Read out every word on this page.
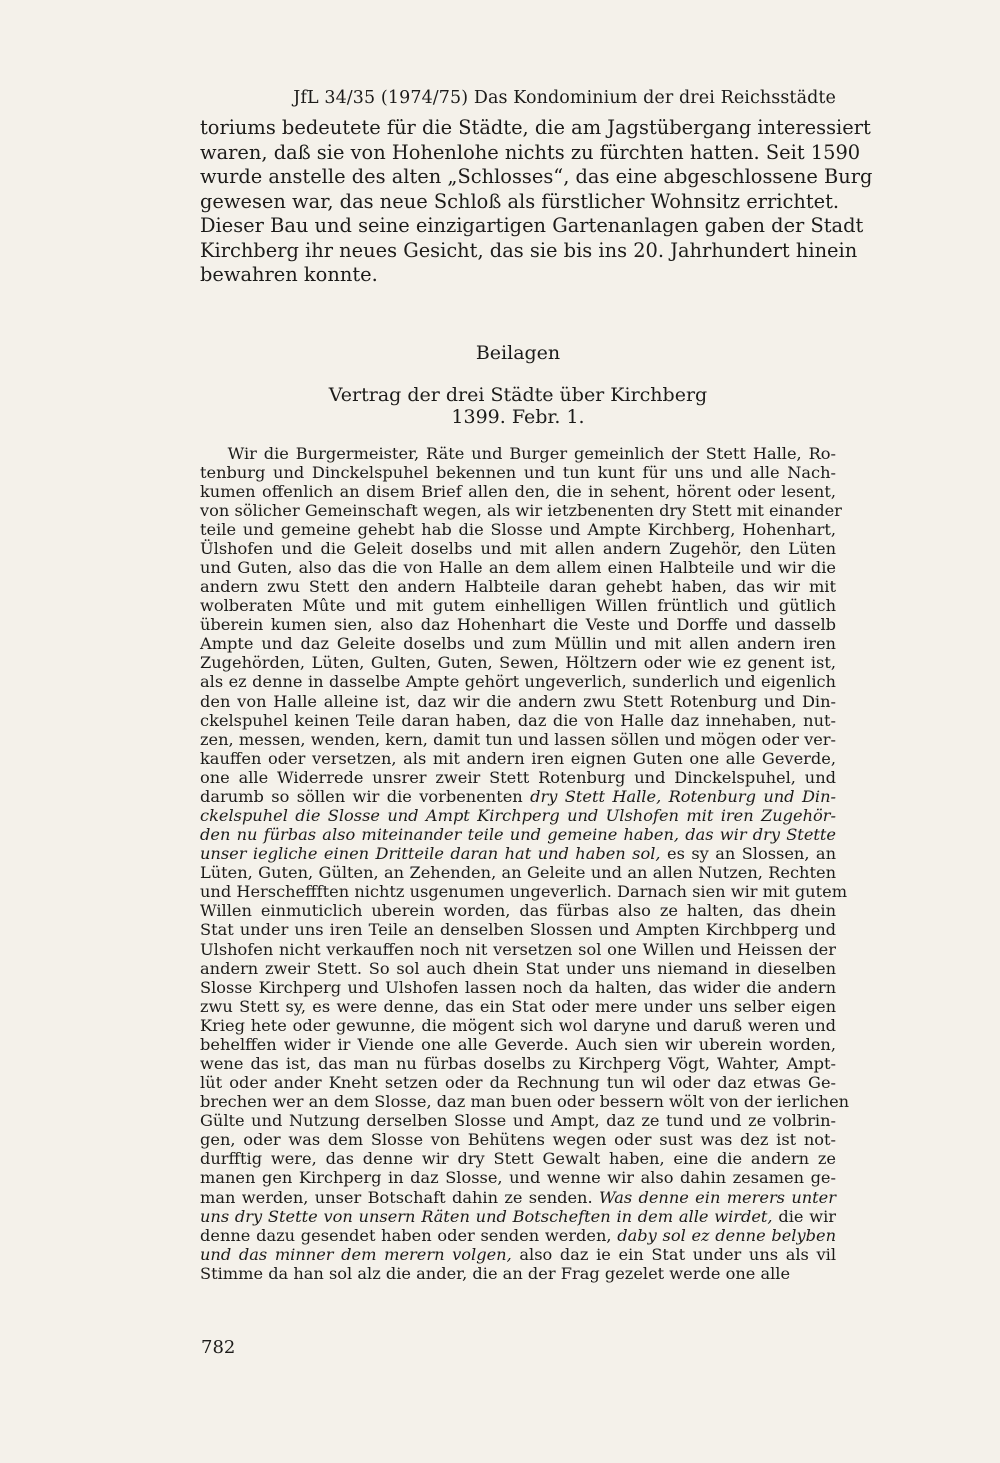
JfL 34/35 (1974/75) Das Kondominium der drei Reichsstädte
toriums bedeutete für die Städte, die am Jagstübergang interessiert
waren, daß sie von Hohenlohe nichts zu fürchten hatten. Seit 1590
wurde anstelle des alten „Schlosses“, das eine abgeschlossene Burg
gewesen war, das neue Schloß als fürstlicher Wohnsitz errichtet.
Dieser Bau und seine einzigartigen Gartenanlagen gaben der Stadt
Kirchberg ihr neues Gesicht, das sie bis ins 20. Jahrhundert hinein
bewahren konnte.
Beilagen
Vertrag der drei Städte über Kirchberg
1399. Febr. 1.
Wir die Burgermeister, Räte und Burger gemeinlich der Stett Halle, Ro-
tenburg und Dinckelspuhel bekennen und tun kunt für uns und alle Nach-
kumen offenlich an disem Brief allen den, die in sehent, hörent oder lesent,
von sölicher Gemeinschaft wegen, als wir ietzbenenten dry Stett mit einander
teile und gemeine gehebt hab die Slosse und Ampte Kirchberg, Hohenhart,
Ülshofen und die Geleit doselbs und mit allen andern Zugehör, den Lüten
und Guten, also das die von Halle an dem allem einen Halbteile und wir die
andern zwu Stett den andern Halbteile daran gehebt haben, das wir mit
wolberaten Mûte und mit gutem einhelligen Willen früntlich und gütlich
überein kumen sien, also daz Hohenhart die Veste und Dorffe und dasselb
Ampte und daz Geleite doselbs und zum Müllin und mit allen andern iren
Zugehörden, Lüten, Gulten, Guten, Sewen, Höltzern oder wie ez genent ist,
als ez denne in dasselbe Ampte gehört ungeverlich, sunderlich und eigenlich
den von Halle alleine ist, daz wir die andern zwu Stett Rotenburg und Din-
ckelspuhel keinen Teile daran haben, daz die von Halle daz innehaben, nut-
zen, messen, wenden, kern, damit tun und lassen söllen und mögen oder ver-
kauffen oder versetzen, als mit andern iren eignen Guten one alle Geverde,
one alle Widerrede unsrer zweir Stett Rotenburg und Dinckelspuhel, und
darumb so söllen wir die vorbenenten dry Stett Halle, Rotenburg und Din-
ckelspuhel die Slosse und Ampt Kirchperg und Ulshofen mit iren Zugehör-
den nu fürbas also miteinander teile und gemeine haben, das wir dry Stette
unser iegliche einen Dritteile daran hat und haben sol, es sy an Slossen, an
Lüten, Guten, Gülten, an Zehenden, an Geleite und an allen Nutzen, Rechten
und Herscheffften nichtz usgenumen ungeverlich. Darnach sien wir mit gutem
Willen einmuticlich uberein worden, das fürbas also ze halten, das dhein
Stat under uns iren Teile an denselben Slossen und Ampten Kirchbperg und
Ulshofen nicht verkauffen noch nit versetzen sol one Willen und Heissen der
andern zweir Stett. So sol auch dhein Stat under uns niemand in dieselben
Slosse Kirchperg und Ulshofen lassen noch da halten, das wider die andern
zwu Stett sy, es were denne, das ein Stat oder mere under uns selber eigen
Krieg hete oder gewunne, die mögent sich wol daryne und daruß weren und
behelffen wider ir Viende one alle Geverde. Auch sien wir uberein worden,
wene das ist, das man nu fürbas doselbs zu Kirchperg Vögt, Wahter, Ampt-
lüt oder ander Kneht setzen oder da Rechnung tun wil oder daz etwas Ge-
brechen wer an dem Slosse, daz man buen oder bessern wölt von der ierlichen
Gülte und Nutzung derselben Slosse und Ampt, daz ze tund und ze volbrin-
gen, oder was dem Slosse von Behütens wegen oder sust was dez ist not-
durfftig were, das denne wir dry Stett Gewalt haben, eine die andern ze
manen gen Kirchperg in daz Slosse, und wenne wir also dahin zesamen ge-
man werden, unser Botschaft dahin ze senden. Was denne ein merers unter
uns dry Stette von unsern Räten und Botscheften in dem alle wirdet, die wir
denne dazu gesendet haben oder senden werden, daby sol ez denne belyben
und das minner dem merern volgen, also daz ie ein Stat under uns als vil
Stimme da han sol alz die ander, die an der Frag gezelet werde one alle
782
